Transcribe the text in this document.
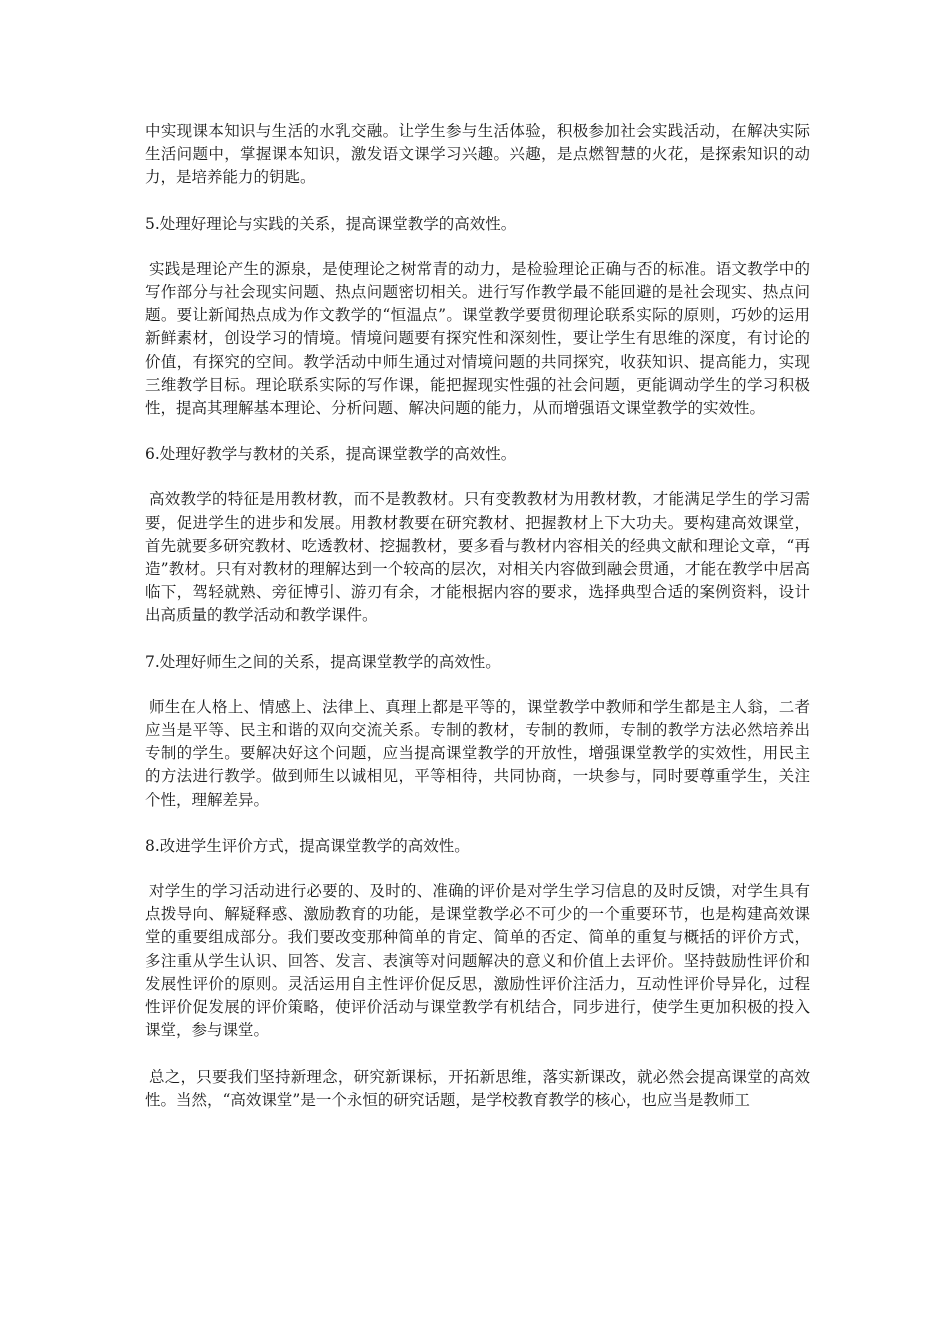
中实现课本知识与生活的水乳交融。让学生参与生活体验，积极参加社会实践活动，在解决实际生活问题中，掌握课本知识，激发语文课学习兴趣。兴趣，是点燃智慧的火花，是探索知识的动力，是培养能力的钥匙。

5.处理好理论与实践的关系，提高课堂教学的高效性。

实践是理论产生的源泉，是使理论之树常青的动力，是检验理论正确与否的标准。语文教学中的写作部分与社会现实问题、热点问题密切相关。进行写作教学最不能回避的是社会现实、热点问题。要让新闻热点成为作文教学的“恒温点”。课堂教学要贯彻理论联系实际的原则，巧妙的运用新鲜素材，创设学习的情境。情境问题要有探究性和深刻性，要让学生有思维的深度，有讨论的价值，有探究的空间。教学活动中师生通过对情境问题的共同探究，收获知识、提高能力，实现三维教学目标。理论联系实际的写作课，能把握现实性强的社会问题，更能调动学生的学习积极性，提高其理解基本理论、分析问题、解决问题的能力，从而增强语文课堂教学的实效性。

6.处理好教学与教材的关系，提高课堂教学的高效性。

高效教学的特征是用教材教，而不是教教材。只有变教教材为用教材教，才能满足学生的学习需要，促进学生的进步和发展。用教材教要在研究教材、把握教材上下大功夫。要构建高效课堂，首先就要多研究教材、吃透教材、挖掘教材，要多看与教材内容相关的经典文献和理论文章，“再造”教材。只有对教材的理解达到一个较高的层次，对相关内容做到融会贯通，才能在教学中居高临下，驾轻就熟、旁征博引、游刃有余，才能根据内容的要求，选择典型合适的案例资料，设计出高质量的教学活动和教学课件。

7.处理好师生之间的关系，提高课堂教学的高效性。

师生在人格上、情感上、法律上、真理上都是平等的，课堂教学中教师和学生都是主人翁，二者应当是平等、民主和谐的双向交流关系。专制的教材，专制的教师，专制的教学方法必然培养出专制的学生。要解决好这个问题，应当提高课堂教学的开放性，增强课堂教学的实效性，用民主的方法进行教学。做到师生以诚相见，平等相待，共同协商，一块参与，同时要尊重学生，关注个性，理解差异。

8.改进学生评价方式，提高课堂教学的高效性。

对学生的学习活动进行必要的、及时的、准确的评价是对学生学习信息的及时反馈，对学生具有点拨导向、解疑释惑、激励教育的功能，是课堂教学必不可少的一个重要环节，也是构建高效课堂的重要组成部分。我们要改变那种简单的肯定、简单的否定、简单的重复与概括的评价方式，多注重从学生认识、回答、发言、表演等对问题解决的意义和价值上去评价。坚持鼓励性评价和发展性评价的原则。灵活运用自主性评价促反思，激励性评价注活力，互动性评价导异化，过程性评价促发展的评价策略，使评价活动与课堂教学有机结合，同步进行，使学生更加积极的投入课堂，参与课堂。

总之，只要我们坚持新理念，研究新课标，开拓新思维，落实新课改，就必然会提高课堂的高效性。当然，“高效课堂”是一个永恒的研究话题，是学校教育教学的核心，也应当是教师工
